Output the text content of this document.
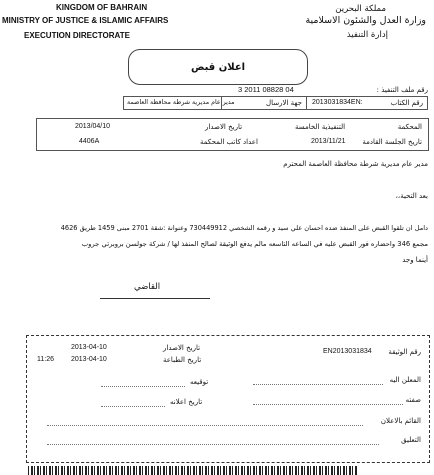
KINGDOM OF BAHRAIN
MINISTRY OF JUSTICE & ISLAMIC AFFAIRS
EXECUTION DIRECTORATE
مملكة البحرين
وزارة العدل والشئون الاسلامية
إدارة التنفيذ
اعلان قبض
رقم ملف التنفيذ :
3 2011 08828 04
رقم الكتاب
2013031834EN:
جهة الارسال
مدير عام مديرية شرطة محافظة العاصمة
المحكمة
التنفيذية الخامسة
تاريخ الاصدار
2013/04/10
تاريخ الجلسة القادمة
2013/11/21
اعداد كاتب المحكمة
4406A
مدير عام مديرية شرطة محافظة العاصمة المحترم
بعد التحية،،
دامل ان تلقوا القبض على المنفذ ضده احسان علي سيد و رقمه الشخصي 730449912 وعنوانة :شقة 2701 مبنى 1459 طريق 4626
مجمع 346 واحضاره فور القبض عليه في الساعه التاسعه مالم يدفع الوثيقة لصالح المنفذ لها / شركة جولسن بروبرتي جروب
أينما وجد
القاضي
رقم الوثيقة
EN2013031834
تاريخ الاصدار
2013-04-10
تاريخ الطباعة
2013-04-10
11:26
المعلن اليه
توقيعه
صفته
تاريخ اعلانه
القائم بالاعلان
التعليق
